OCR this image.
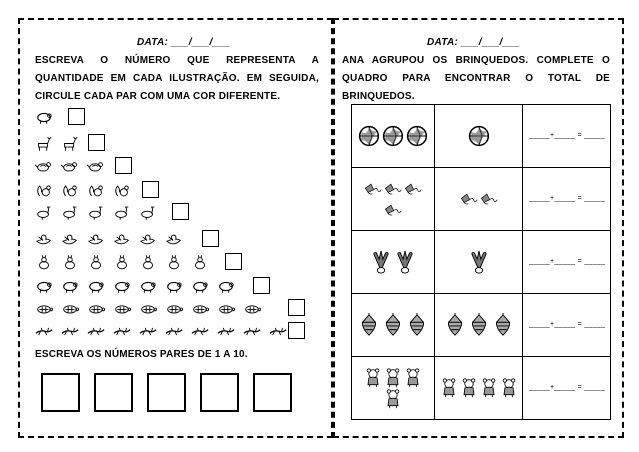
DATA: ___/___/___
ESCREVA O NÚMERO QUE REPRESENTA A QUANTIDADE EM CADA ILUSTRAÇÃO. EM SEGUIDA, CIRCULE CADA PAR COM UMA COR DIFERENTE.
ESCREVA OS NÚMEROS PARES DE 1 A 10.
DATA: ___/___/___
ANA AGRUPOU OS BRINQUEDOS. COMPLETE O QUADRO PARA ENCONTRAR O TOTAL DE BRINQUEDOS.

_____+_____ = _____

_____+_____ = _____

_____+_____ = _____

_____+_____ = _____

_____+_____ = _____
